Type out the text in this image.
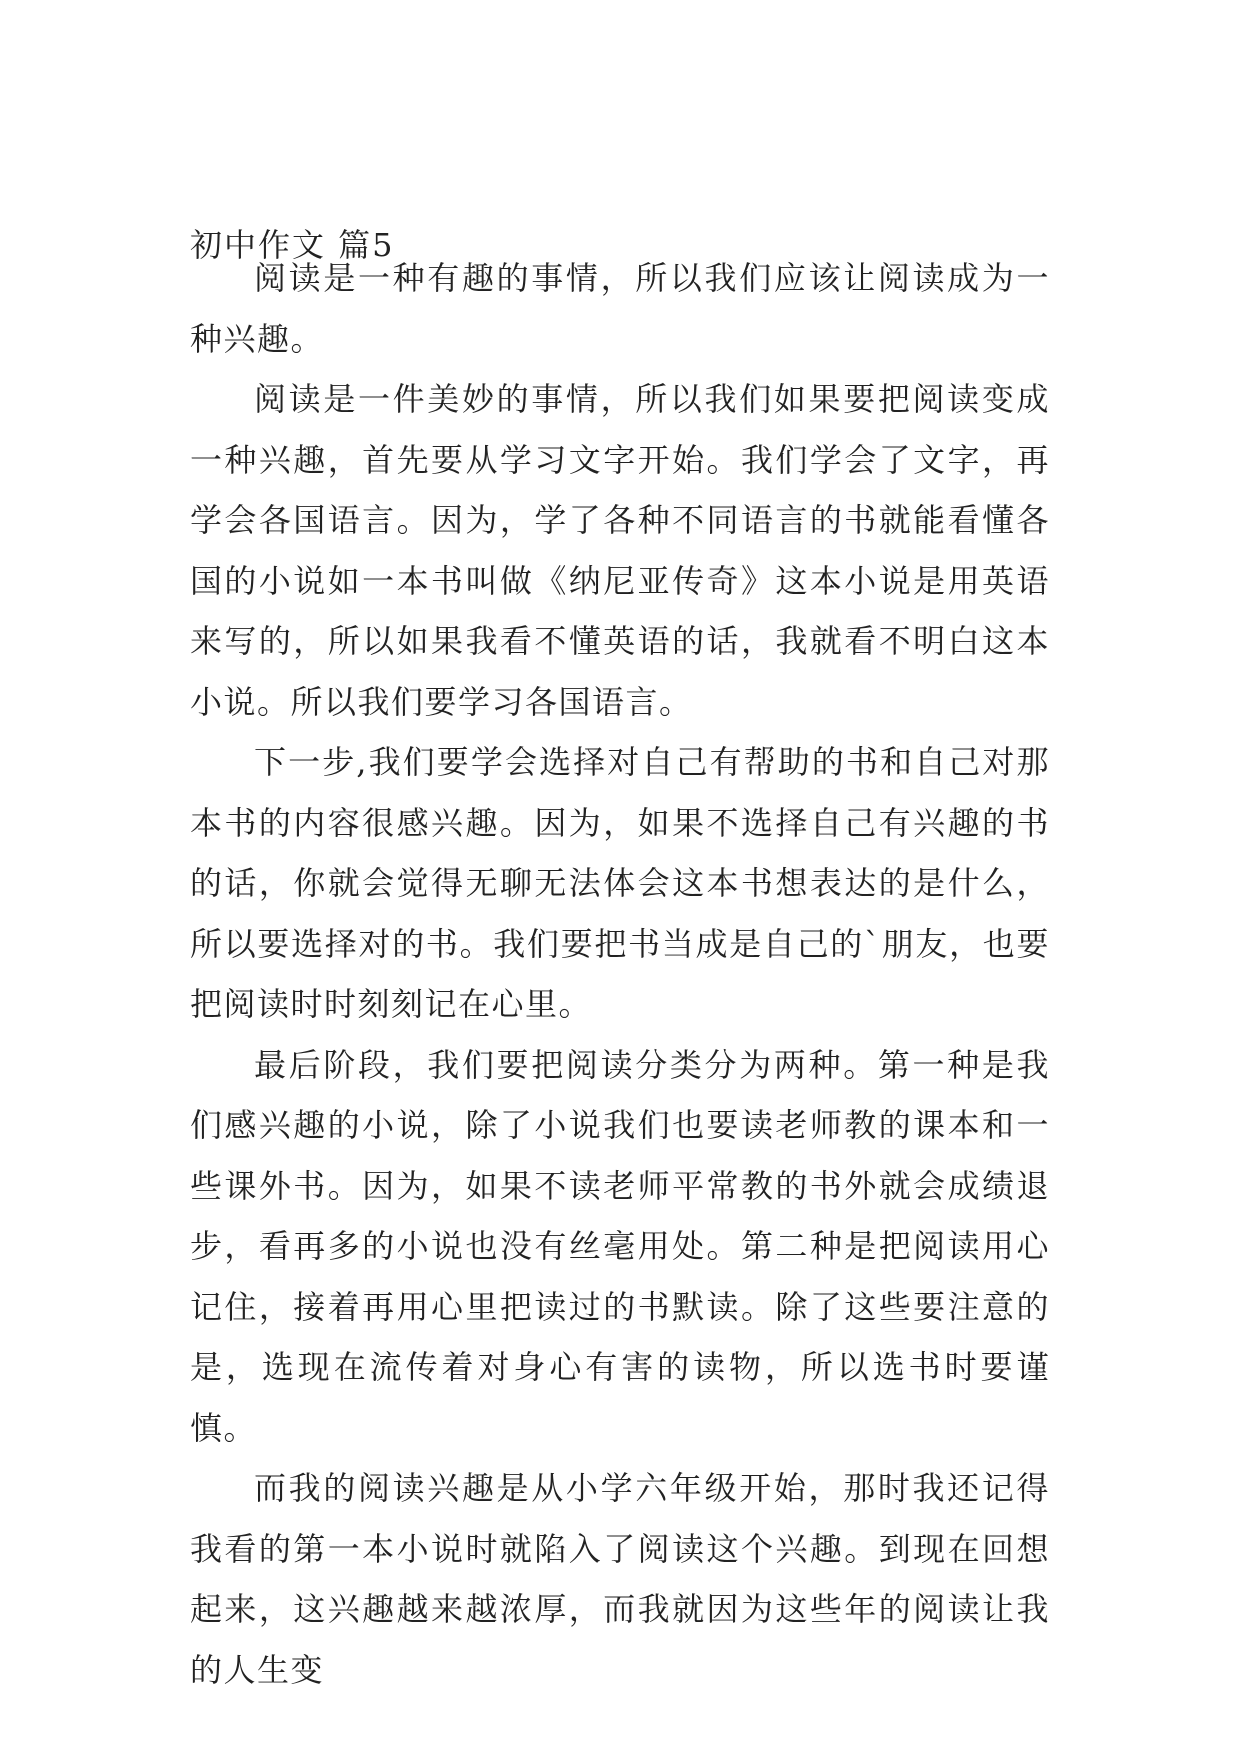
初中作文 篇5

阅读是一种有趣的事情，所以我们应该让阅读成为一种兴趣。

阅读是一件美妙的事情，所以我们如果要把阅读变成一种兴趣，首先要从学习文字开始。我们学会了文字，再学会各国语言。因为，学了各种不同语言的书就能看懂各国的小说如一本书叫做《纳尼亚传奇》这本小说是用英语来写的，所以如果我看不懂英语的话，我就看不明白这本小说。所以我们要学习各国语言。

下一步,我们要学会选择对自己有帮助的书和自己对那本书的内容很感兴趣。因为，如果不选择自己有兴趣的书的话，你就会觉得无聊无法体会这本书想表达的是什么，所以要选择对的书。我们要把书当成是自己的`朋友，也要把阅读时时刻刻记在心里。

最后阶段，我们要把阅读分类分为两种。第一种是我们感兴趣的小说，除了小说我们也要读老师教的课本和一些课外书。因为，如果不读老师平常教的书外就会成绩退步，看再多的小说也没有丝毫用处。第二种是把阅读用心记住，接着再用心里把读过的书默读。除了这些要注意的是，选现在流传着对身心有害的读物，所以选书时要谨慎。

而我的阅读兴趣是从小学六年级开始，那时我还记得我看的第一本小说时就陷入了阅读这个兴趣。到现在回想起来，这兴趣越来越浓厚，而我就因为这些年的阅读让我的人生变
